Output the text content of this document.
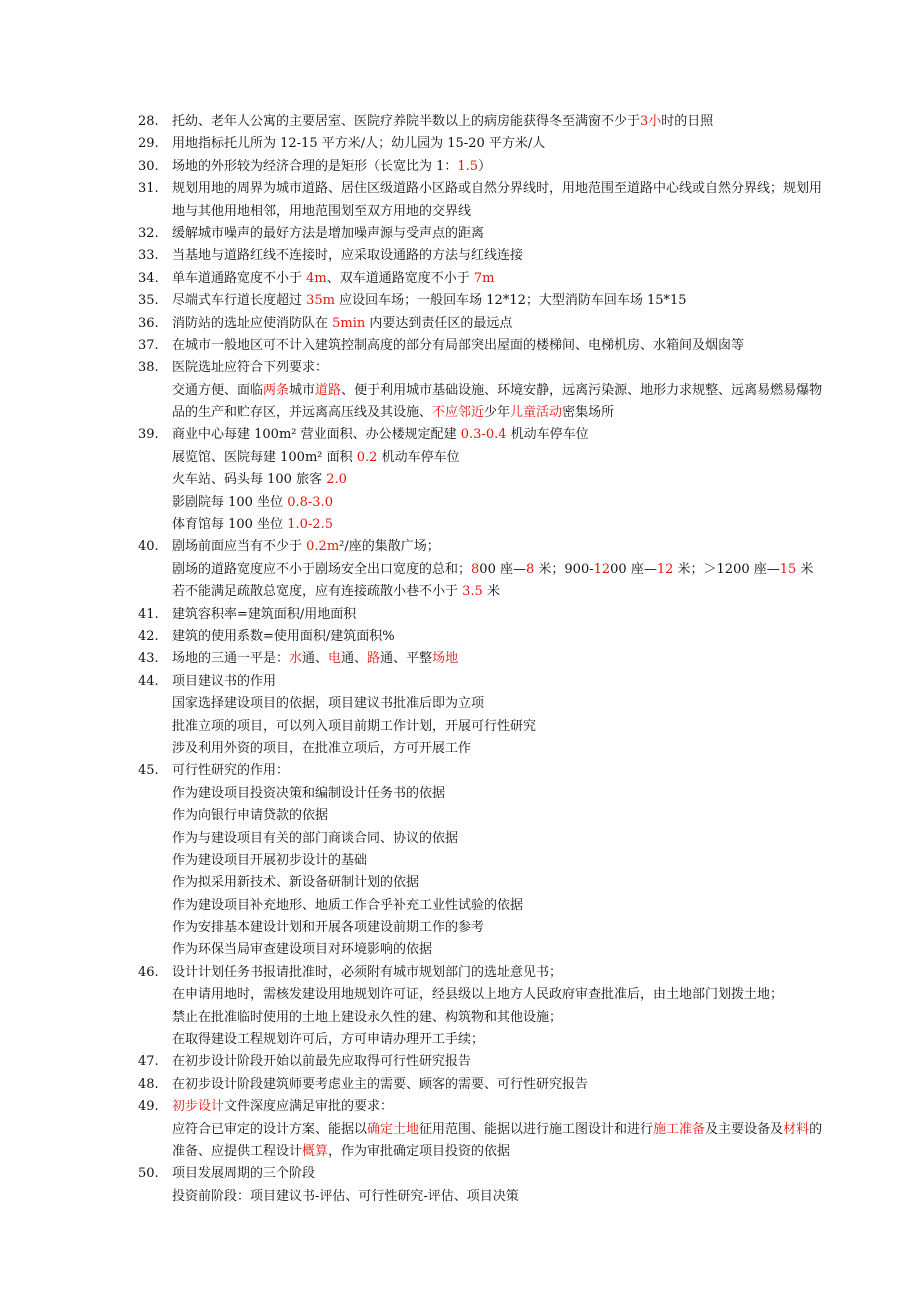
28. 托幼、老年人公寓的主要居室、医院疗养院半数以上的病房能获得冬至满窗不少于3小时的日照
29. 用地指标托儿所为 12-15 平方米/人；幼儿园为 15-20 平方米/人
30. 场地的外形较为经济合理的是矩形（长宽比为 1：1.5）
31. 规划用地的周界为城市道路、居住区级道路小区路或自然分界线时，用地范围至道路中心线或自然分界线；规划用
地与其他用地相邻，用地范围划至双方用地的交界线
32. 缓解城市噪声的最好方法是增加噪声源与受声点的距离
33. 当基地与道路红线不连接时，应采取设通路的方法与红线连接
34. 单车道通路宽度不小于 4m、双车道通路宽度不小于 7m
35. 尽端式车行道长度超过 35m 应设回车场；一般回车场 12*12；大型消防车回车场 15*15
36. 消防站的选址应使消防队在 5min 内要达到责任区的最远点
37. 在城市一般地区可不计入建筑控制高度的部分有局部突出屋面的楼梯间、电梯机房、水箱间及烟囱等
38. 医院选址应符合下列要求：
交通方便、面临两条城市道路、便于利用城市基础设施、环境安静，远离污染源、地形力求规整、远离易燃易爆物
品的生产和贮存区，并远离高压线及其设施、不应邻近少年儿童活动密集场所
39. 商业中心每建 100m² 营业面积、办公楼规定配建 0.3-0.4 机动车停车位
展览馆、医院每建 100m² 面积 0.2 机动车停车位
火车站、码头每 100 旅客 2.0
影剧院每 100 坐位 0.8-3.0
体育馆每 100 坐位 1.0-2.5
40. 剧场前面应当有不少于 0.2m²/座的集散广场；
剧场的道路宽度应不小于剧场安全出口宽度的总和；800 座—8 米；900-1200 座—12 米；＞1200 座—15 米
若不能满足疏散总宽度，应有连接疏散小巷不小于 3.5 米
41. 建筑容积率=建筑面积/用地面积
42. 建筑的使用系数=使用面积/建筑面积%
43. 场地的三通一平是：水通、电通、路通、平整场地
44. 项目建议书的作用
国家选择建设项目的依据，项目建议书批准后即为立项
批准立项的项目，可以列入项目前期工作计划，开展可行性研究
涉及利用外资的项目，在批准立项后，方可开展工作
45. 可行性研究的作用：
作为建设项目投资决策和编制设计任务书的依据
作为向银行申请贷款的依据
作为与建设项目有关的部门商谈合同、协议的依据
作为建设项目开展初步设计的基础
作为拟采用新技术、新设备研制计划的依据
作为建设项目补充地形、地质工作合乎补充工业性试验的依据
作为安排基本建设计划和开展各项建设前期工作的参考
作为环保当局审查建设项目对环境影响的依据
46. 设计计划任务书报请批准时，必须附有城市规划部门的选址意见书；
在申请用地时，需核发建设用地规划许可证，经县级以上地方人民政府审查批准后，由土地部门划拨土地；
禁止在批准临时使用的土地上建设永久性的建、构筑物和其他设施；
在取得建设工程规划许可后，方可申请办理开工手续；
47. 在初步设计阶段开始以前最先应取得可行性研究报告
48. 在初步设计阶段建筑师要考虑业主的需要、顾客的需要、可行性研究报告
49. 初步设计文件深度应满足审批的要求：
应符合已审定的设计方案、能据以确定土地征用范围、能据以进行施工图设计和进行施工准备及主要设备及材料的
准备、应提供工程设计概算，作为审批确定项目投资的依据
50. 项目发展周期的三个阶段
投资前阶段：项目建议书-评估、可行性研究-评估、项目决策
